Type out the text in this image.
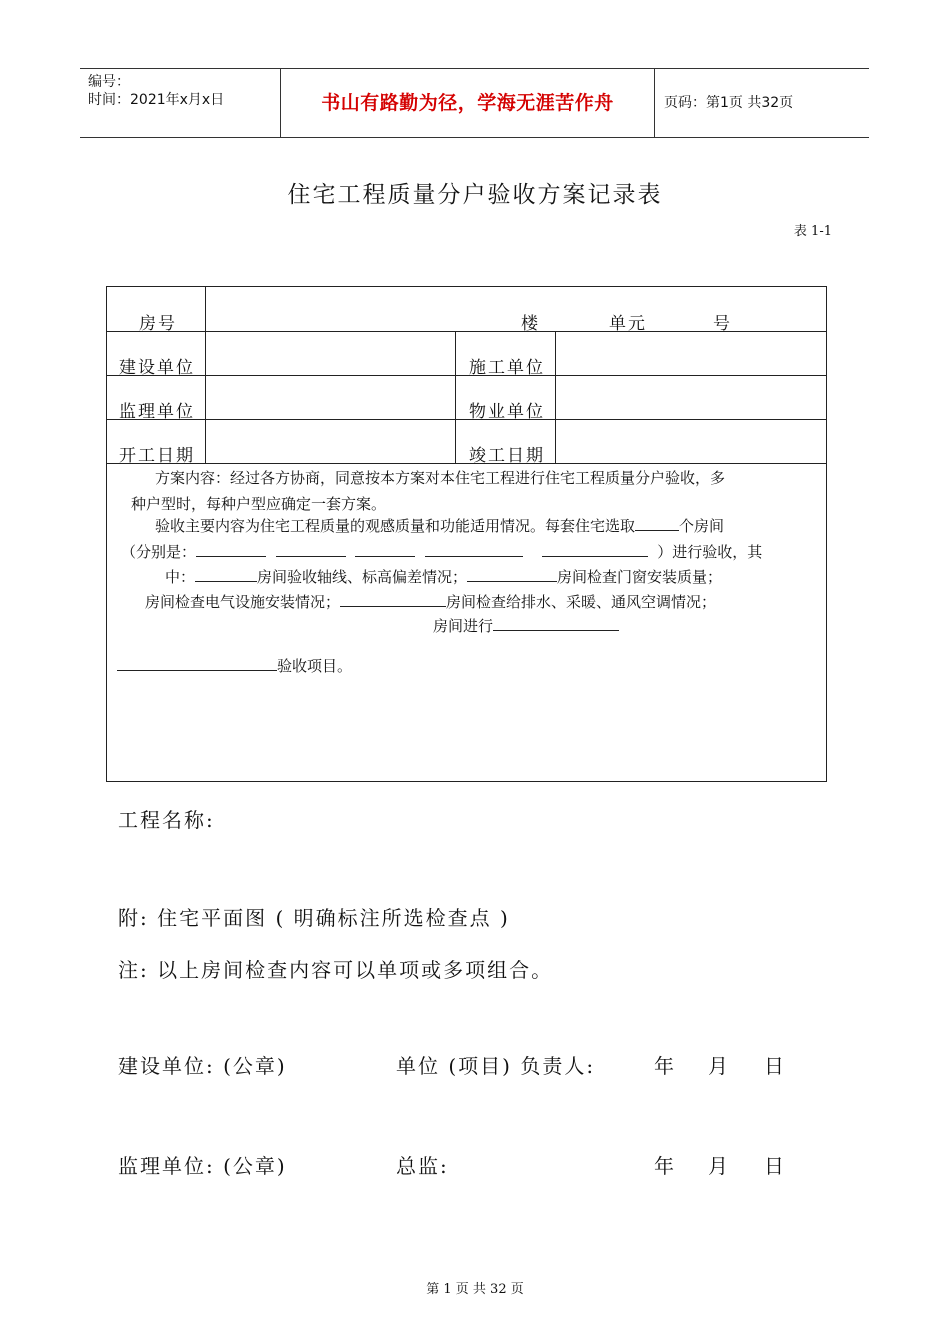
编号：
时间：2021年x月x日	书山有路勤为径，学海无涯苦作舟	页码：第1页 共32页
住宅工程质量分户验收方案记录表
表 1-1
房号	楼	单元	号
建设单位	施工单位
监理单位	物业单位
开工日期	竣工日期
方案内容：经过各方协商，同意按本方案对本住宅工程进行住宅工程质量分户验收，多
种户型时，每种户型应确定一套方案。
验收主要内容为住宅工程质量的观感质量和功能适用情况。每套住宅选取	个房间
（分别是：	）进行验收，其
中：	房间验收轴线、标高偏差情况；	房间检查门窗安装质量；
房间检查电气设施安装情况；	房间检查给排水、采暖、通风空调情况；
房间进行
验收项目。
工程名称:
附: 住宅平面图 ( 明确标注所选检查点 )
注: 以上房间检查内容可以单项或多项组合。
建设单位: (公章)	单位 (项目) 负责人:	年 月 日
监理单位: (公章)	总监:	年 月 日
第 1 页 共 32 页
